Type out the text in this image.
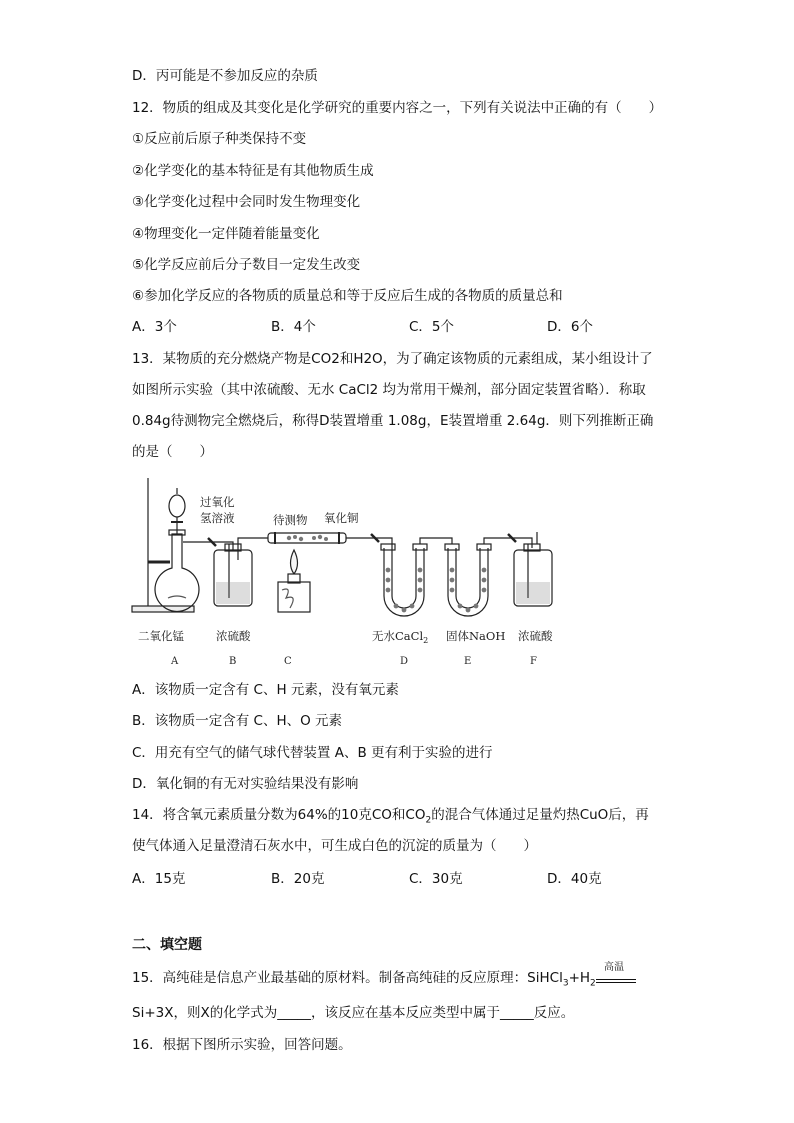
D．丙可能是不参加反应的杂质
12．物质的组成及其变化是化学研究的重要内容之一，下列有关说法中正确的有（　　）
①反应前后原子种类保持不变
②化学变化的基本特征是有其他物质生成
③化学变化过程中会同时发生物理变化
④物理变化一定伴随着能量变化
⑤化学反应前后分子数目一定发生改变
⑥参加化学反应的各物质的质量总和等于反应后生成的各物质的质量总和
A．3个	B．4个	C．5个	D．6个
13．某物质的充分燃烧产物是CO2和H2O，为了确定该物质的元素组成，某小组设计了
如图所示实验（其中浓硫酸、无水 CaCl2 均为常用干燥剂，部分固定装置省略）．称取
0.84g待测物完全燃烧后，称得D装置增重 1.08g，E装置增重 2.64g．则下列推断正确
的是（　　）
过氧化
氢溶液	待测物 氧化铜
二氧化锰	浓硫酸	无水CaCl$_2$ 固体NaOH 浓硫酸
A	B	C	D	E	F
A．该物质一定含有 C、H 元素，没有氧元素
B．该物质一定含有 C、H、O 元素
C．用充有空气的储气球代替装置 A、B 更有利于实验的进行
D．氧化铜的有无对实验结果没有影响
14．将含氧元素质量分数为64%的10克CO和$CO_2$的混合气体通过足量灼热CuO后，再
使气体通入足量澄清石灰水中，可生成白色的沉淀的质量为（　　）
A．15克	B．20克	C．30克	D．40克
二、填空题
15．高纯硅是信息产业最基础的原材料。制备高纯硅的反应原理：$SiHCl_3+H_2$
高温
Si+3X，则X的化学式为_____，该反应在基本反应类型中属于_____反应。
16．根据下图所示实验，回答问题。
